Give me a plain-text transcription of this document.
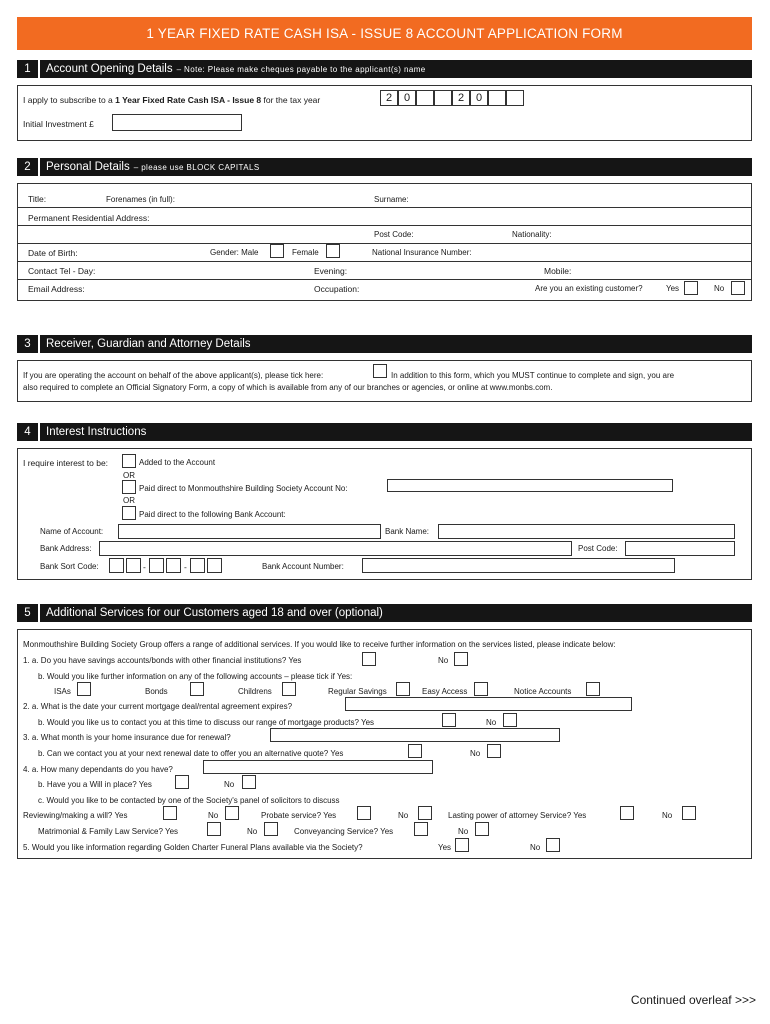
1 YEAR FIXED RATE CASH ISA - ISSUE 8 ACCOUNT APPLICATION FORM
1	Account Opening Details – Note: Please make cheques payable to the applicant(s) name
I apply to subscribe to a 1 Year Fixed Rate Cash ISA - Issue 8 for the tax year	2	0	2	0
Initial Investment £
2	Personal Details – please use BLOCK CAPITALS
Title:	Forenames (in full):	Surname:
Permanent Residential Address:
Post Code:	Nationality:
Date of Birth:	Gender: Male	Female	National Insurance Number:
Contact Tel - Day:	Evening:	Mobile:
Email Address:	Occupation:	Are you an existing customer?	Yes	No
3	Receiver, Guardian and Attorney Details
If you are operating the account on behalf of the above applicant(s), please tick here:	In addition to this form, which you MUST continue to complete and sign, you are
also required to complete an Official Signatory Form, a copy of which is available from any of our branches or agencies, or online at www.monbs.com.
4	Interest Instructions
I require interest to be:	Added to the Account
OR
Paid direct to Monmouthshire Building Society Account No:
OR
Paid direct to the following Bank Account:
Name of Account:	Bank Name:
Bank Address:	Post Code:
Bank Sort Code:	-	-	Bank Account Number:
5	Additional Services for our Customers aged 18 and over (optional)
Monmouthshire Building Society Group offers a range of additional services. If you would like to receive further information on the services listed, please indicate below:
1. a. Do you have savings accounts/bonds with other financial institutions? Yes	No
b. Would you like further information on any of the following accounts – please tick if Yes:
ISAs	Bonds	Childrens	Regular Savings	Easy Access	Notice Accounts
2. a. What is the date your current mortgage deal/rental agreement expires?
b. Would you like us to contact you at this time to discuss our range of mortgage products? Yes	No
3. a. What month is your home insurance due for renewal?
b. Can we contact you at your next renewal date to offer you an alternative quote? Yes	No
4. a. How many dependants do you have?
b. Have you a Will in place? Yes	No
c. Would you like to be contacted by one of the Society's panel of solicitors to discuss
Reviewing/making a will? Yes	No	Probate service? Yes	No	Lasting power of attorney Service? Yes	No
Matrimonial & Family Law Service? Yes	No	Conveyancing Service? Yes	No
5. Would you like information regarding Golden Charter Funeral Plans available via the Society?	Yes	No
Continued overleaf >>>
